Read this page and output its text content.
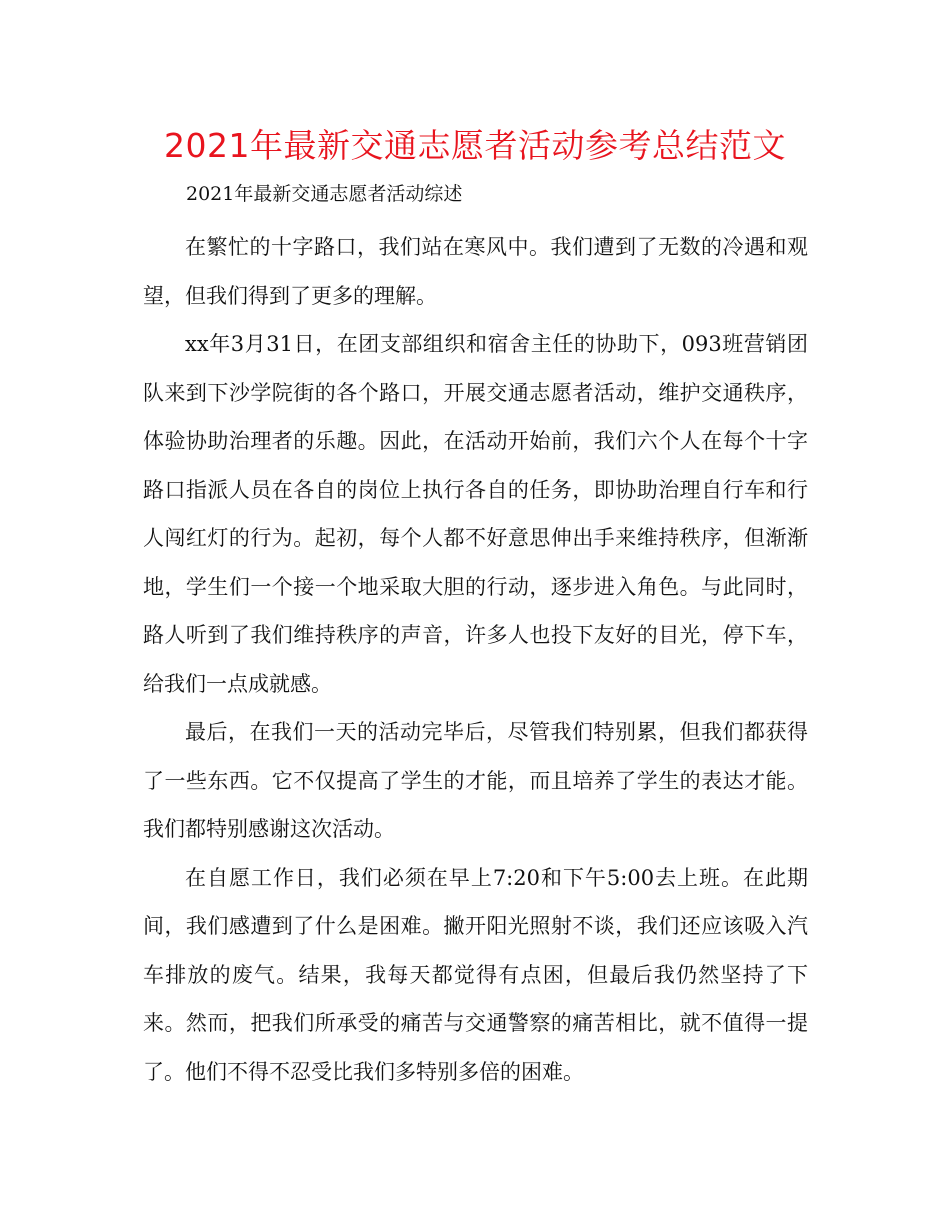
2021年最新交通志愿者活动参考总结范文
2021年最新交通志愿者活动综述

在繁忙的十字路口，我们站在寒风中。我们遭到了无数的冷遇和观望，但我们得到了更多的理解。

xx年3月31日，在团支部组织和宿舍主任的协助下，093班营销团队来到下沙学院街的各个路口，开展交通志愿者活动，维护交通秩序，体验协助治理者的乐趣。因此，在活动开始前，我们六个人在每个十字路口指派人员在各自的岗位上执行各自的任务，即协助治理自行车和行人闯红灯的行为。起初，每个人都不好意思伸出手来维持秩序，但渐渐地，学生们一个接一个地采取大胆的行动，逐步进入角色。与此同时，路人听到了我们维持秩序的声音，许多人也投下友好的目光，停下车，给我们一点成就感。

最后，在我们一天的活动完毕后，尽管我们特别累，但我们都获得了一些东西。它不仅提高了学生的才能，而且培养了学生的表达才能。我们都特别感谢这次活动。

在自愿工作日，我们必须在早上7:20和下午5:00去上班。在此期间，我们感遭到了什么是困难。撇开阳光照射不谈，我们还应该吸入汽车排放的废气。结果，我每天都觉得有点困，但最后我仍然坚持了下来。然而，把我们所承受的痛苦与交通警察的痛苦相比，就不值得一提了。他们不得不忍受比我们多特别多倍的困难。
